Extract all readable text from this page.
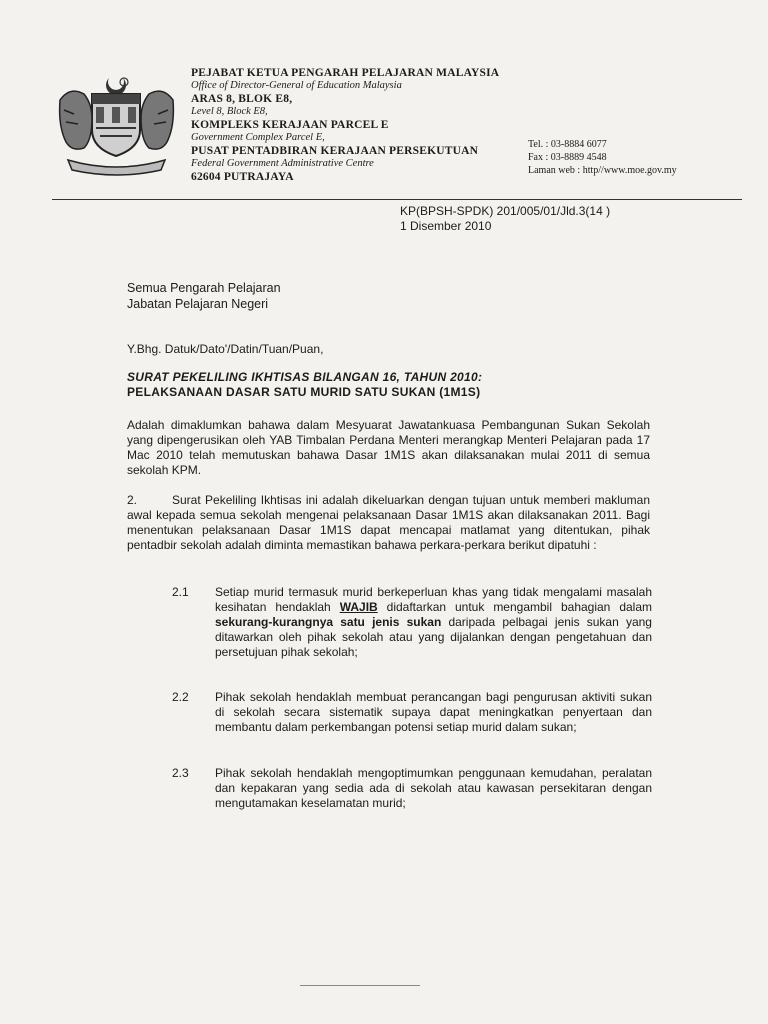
PEJABAT KETUA PENGARAH PELAJARAN MALAYSIA
Office of Director-General of Education Malaysia
ARAS 8, BLOK E8,
Level 8, Block E8,
KOMPLEKS KERAJAAN PARCEL E
Government Complex Parcel E,
PUSAT PENTADBIRAN KERAJAAN PERSEKUTUAN
Federal Government Administrative Centre
62604 PUTRAJAYA
Tel. : 03-8884 6077
Fax : 03-8889 4548
Laman web : http//www.moe.gov.my
KP(BPSH-SPDK) 201/005/01/Jld.3(14 )
1 Disember 2010
Semua Pengarah Pelajaran
Jabatan Pelajaran Negeri
Y.Bhg. Datuk/Dato'/Datin/Tuan/Puan,
SURAT PEKELILING IKHTISAS BILANGAN 16, TAHUN 2010:
PELAKSANAAN DASAR SATU MURID SATU SUKAN (1M1S)
Adalah dimaklumkan bahawa dalam Mesyuarat Jawatankuasa Pembangunan Sukan Sekolah yang dipengerusikan oleh YAB Timbalan Perdana Menteri merangkap Menteri Pelajaran pada 17 Mac 2010 telah memutuskan bahawa Dasar 1M1S akan dilaksanakan mulai 2011 di semua sekolah KPM.
2.	Surat Pekeliling Ikhtisas ini adalah dikeluarkan dengan tujuan untuk memberi makluman awal kepada semua sekolah mengenai pelaksanaan Dasar 1M1S akan dilaksanakan 2011. Bagi menentukan pelaksanaan Dasar 1M1S dapat mencapai matlamat yang ditentukan, pihak pentadbir sekolah adalah diminta memastikan bahawa perkara-perkara berikut dipatuhi :
2.1	Setiap murid termasuk murid berkeperluan khas yang tidak mengalami masalah kesihatan hendaklah WAJIB didaftarkan untuk mengambil bahagian dalam sekurang-kurangnya satu jenis sukan daripada pelbagai jenis sukan yang ditawarkan oleh pihak sekolah atau yang dijalankan dengan pengetahuan dan persetujuan pihak sekolah;
2.2	Pihak sekolah hendaklah membuat perancangan bagi pengurusan aktiviti sukan di sekolah secara sistematik supaya dapat meningkatkan penyertaan dan membantu dalam perkembangan potensi setiap murid dalam sukan;
2.3	Pihak sekolah hendaklah mengoptimumkan penggunaan kemudahan, peralatan dan kepakaran yang sedia ada di sekolah atau kawasan persekitaran dengan mengutamakan keselamatan murid;
